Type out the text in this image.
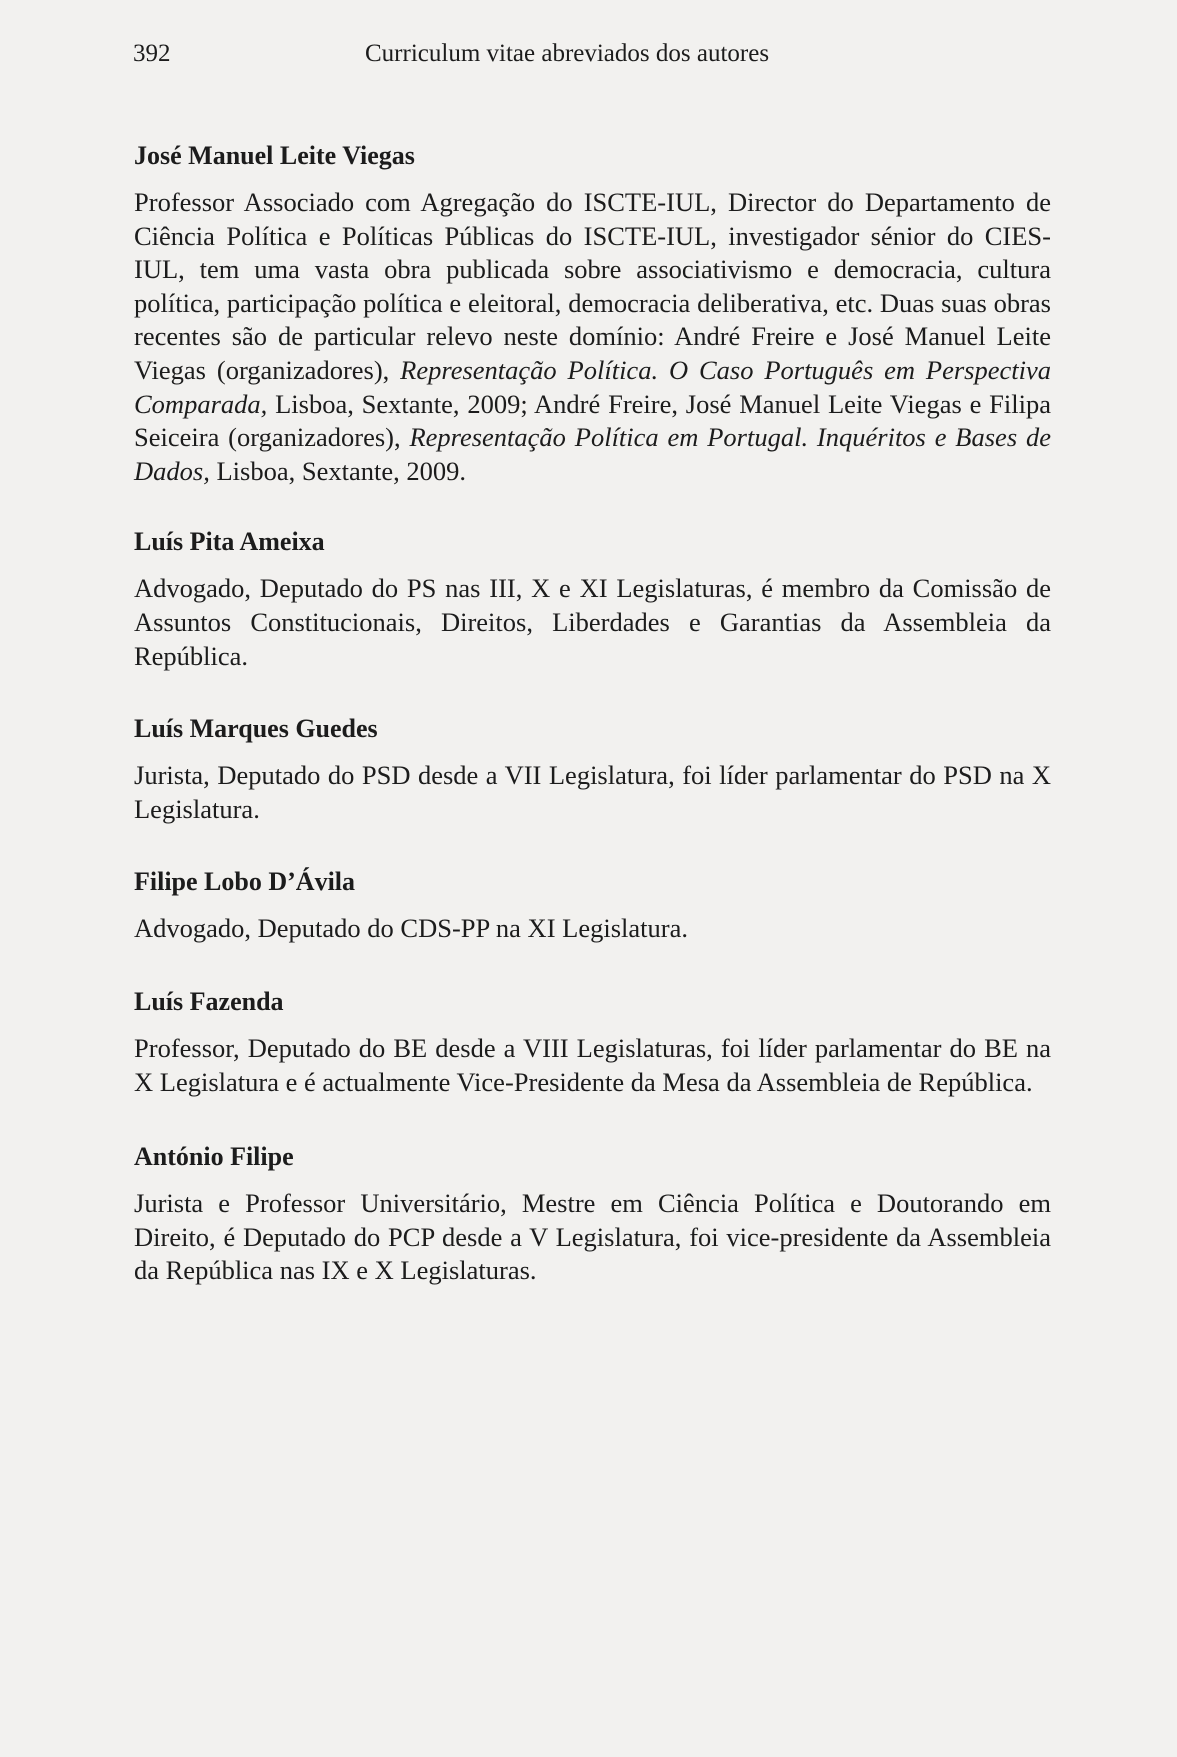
392	Curriculum vitae abreviados dos autores
José Manuel Leite Viegas

Professor Associado com Agregação do ISCTE-IUL, Director do Departamento de Ciência Política e Políticas Públicas do ISCTE-IUL, investigador sénior do CIES-IUL, tem uma vasta obra publicada sobre associativismo e democracia, cultura política, participação política e eleitoral, democracia deliberativa, etc. Duas suas obras recentes são de particular relevo neste domínio: André Freire e José Manuel Leite Viegas (organizadores), Representação Política. O Caso Português em Perspectiva Comparada, Lisboa, Sextante, 2009; André Freire, José Manuel Leite Viegas e Filipa Seiceira (organizadores), Representação Política em Portugal. Inquéritos e Bases de Dados, Lisboa, Sextante, 2009.

Luís Pita Ameixa

Advogado, Deputado do PS nas III, X e XI Legislaturas, é membro da Comissão de Assuntos Constitucionais, Direitos, Liberdades e Garantias da Assembleia da República.

Luís Marques Guedes

Jurista, Deputado do PSD desde a VII Legislatura, foi líder parlamentar do PSD na X Legislatura.

Filipe Lobo D’Ávila

Advogado, Deputado do CDS-PP na XI Legislatura.

Luís Fazenda

Professor, Deputado do BE desde a VIII Legislaturas, foi líder parlamentar do BE na X Legislatura e é actualmente Vice-Presidente da Mesa da Assembleia de República.

António Filipe

Jurista e Professor Universitário, Mestre em Ciência Política e Doutorando em Direito, é Deputado do PCP desde a V Legislatura, foi vice-presidente da Assembleia da República nas IX e X Legislaturas.
